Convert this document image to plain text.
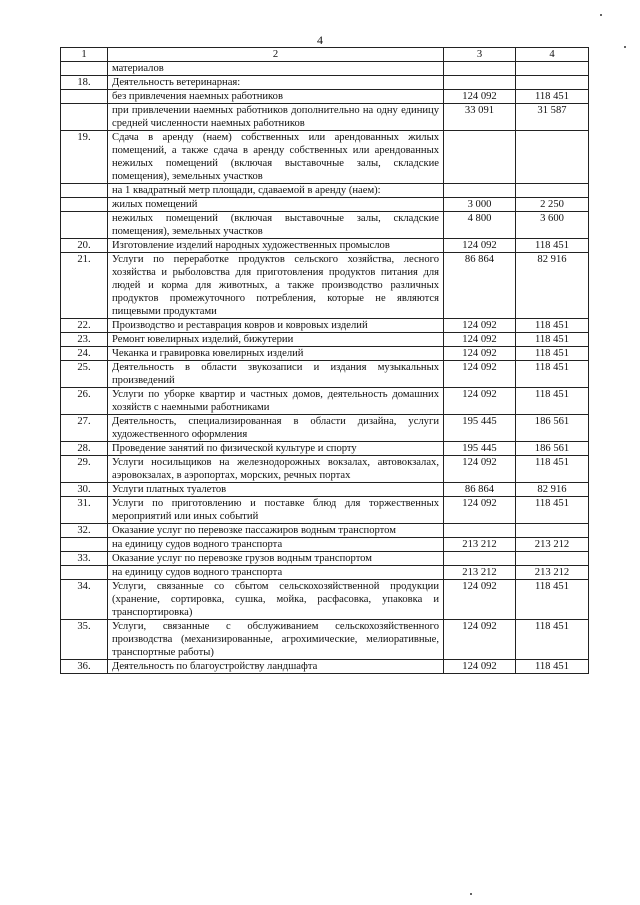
4
1	2	3	4
	материалов		
18.	Деятельность ветеринарная:		
	без привлечения наемных работников	124 092	118 451
	при привлечении наемных работников дополнительно на одну единицу средней численности наемных работников	33 091	31 587
19.	Сдача в аренду (наем) собственных или арендованных жилых помещений, а также сдача в аренду собственных или арендованных нежилых помещений (включая выставочные залы, складские помещения), земельных участков		
	на 1 квадратный метр площади, сдаваемой в аренду (наем):		
	жилых помещений	3 000	2 250
	нежилых помещений (включая выставочные залы, складские помещения), земельных участков	4 800	3 600
20.	Изготовление изделий народных художественных промыслов	124 092	118 451
21.	Услуги по переработке продуктов сельского хозяйства, лесного хозяйства и рыболовства для приготовления продуктов питания для людей и корма для животных, а также производство различных продуктов промежуточного потребления, которые не являются пищевыми продуктами	86 864	82 916
22.	Производство и реставрация ковров и ковровых изделий	124 092	118 451
23.	Ремонт ювелирных изделий, бижутерии	124 092	118 451
24.	Чеканка и гравировка ювелирных изделий	124 092	118 451
25.	Деятельность в области звукозаписи и издания музыкальных произведений	124 092	118 451
26.	Услуги по уборке квартир и частных домов, деятельность домашних хозяйств с наемными работниками	124 092	118 451
27.	Деятельность, специализированная в области дизайна, услуги художественного оформления	195 445	186 561
28.	Проведение занятий по физической культуре и спорту	195 445	186 561
29.	Услуги носильщиков на железнодорожных вокзалах, автовокзалах, аэровокзалах, в аэропортах, морских, речных портах	124 092	118 451
30.	Услуги платных туалетов	86 864	82 916
31.	Услуги по приготовлению и поставке блюд для торжественных мероприятий или иных событий	124 092	118 451
32.	Оказание услуг по перевозке пассажиров водным транспортом		
	на единицу судов водного транспорта	213 212	213 212
33.	Оказание услуг по перевозке грузов водным транспортом		
	на единицу судов водного транспорта	213 212	213 212
34.	Услуги, связанные со сбытом сельскохозяйственной продукции (хранение, сортировка, сушка, мойка, расфасовка, упаковка и транспортировка)	124 092	118 451
35.	Услуги, связанные с обслуживанием сельскохозяйственного производства (механизированные, агрохимические, мелиоративные, транспортные работы)	124 092	118 451
36.	Деятельность по благоустройству ландшафта	124 092	118 451
